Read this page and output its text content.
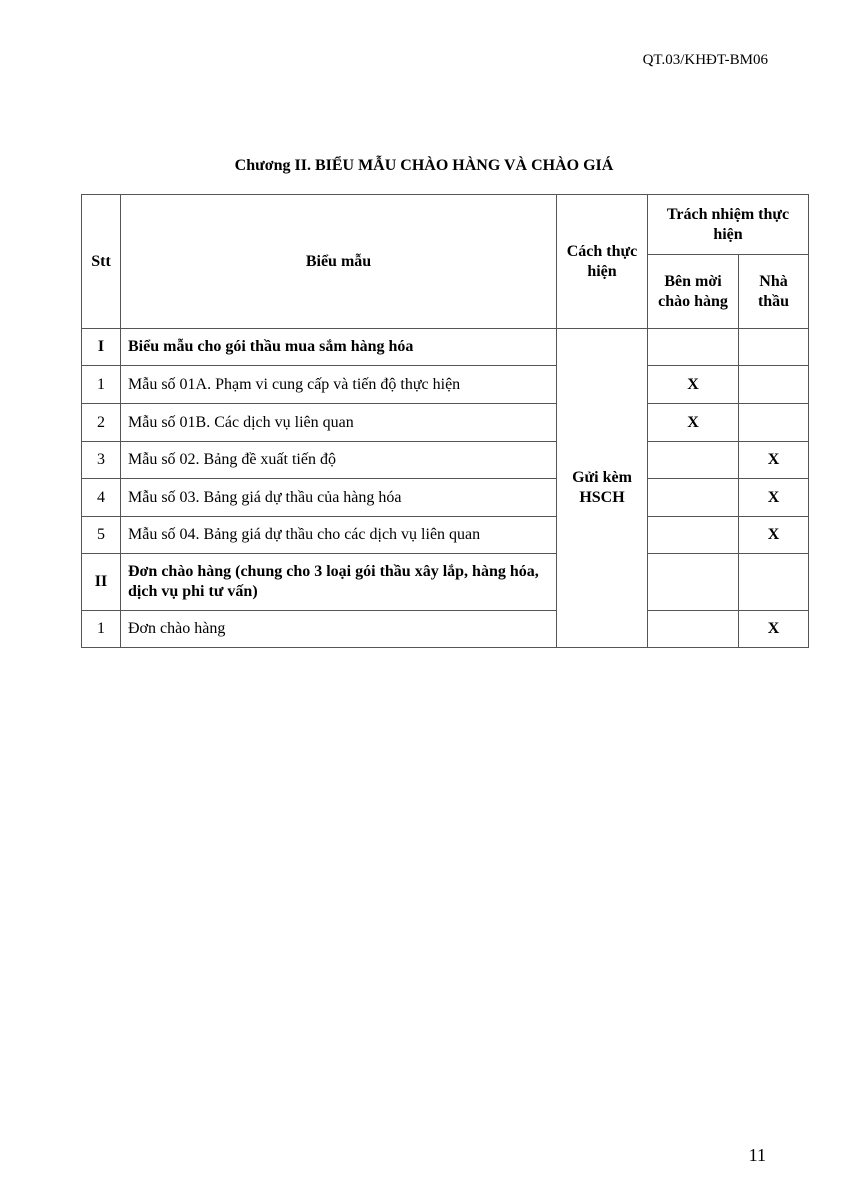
QT.03/KHĐT-BM06
Chương II. BIỂU MẪU CHÀO HÀNG VÀ CHÀO GIÁ
Stt	Biểu mẫu	Cách thực hiện	Trách nhiệm thực hiện	
			Bên mời chào hàng	Nhà thầu
I	Biểu mẫu cho gói thầu mua sắm hàng hóa	Gửi kèm HSCH		
1	Mẫu số 01A. Phạm vi cung cấp và tiến độ thực hiện		X	
2	Mẫu số 01B. Các dịch vụ liên quan		X	
3	Mẫu số 02. Bảng đề xuất tiến độ			X
4	Mẫu số 03. Bảng giá dự thầu của hàng hóa			X
5	Mẫu số 04. Bảng giá dự thầu cho các dịch vụ liên quan			X
II	Đơn chào hàng (chung cho 3 loại gói thầu xây lắp, hàng hóa, dịch vụ phi tư vấn)			
1	Đơn chào hàng			X
11
